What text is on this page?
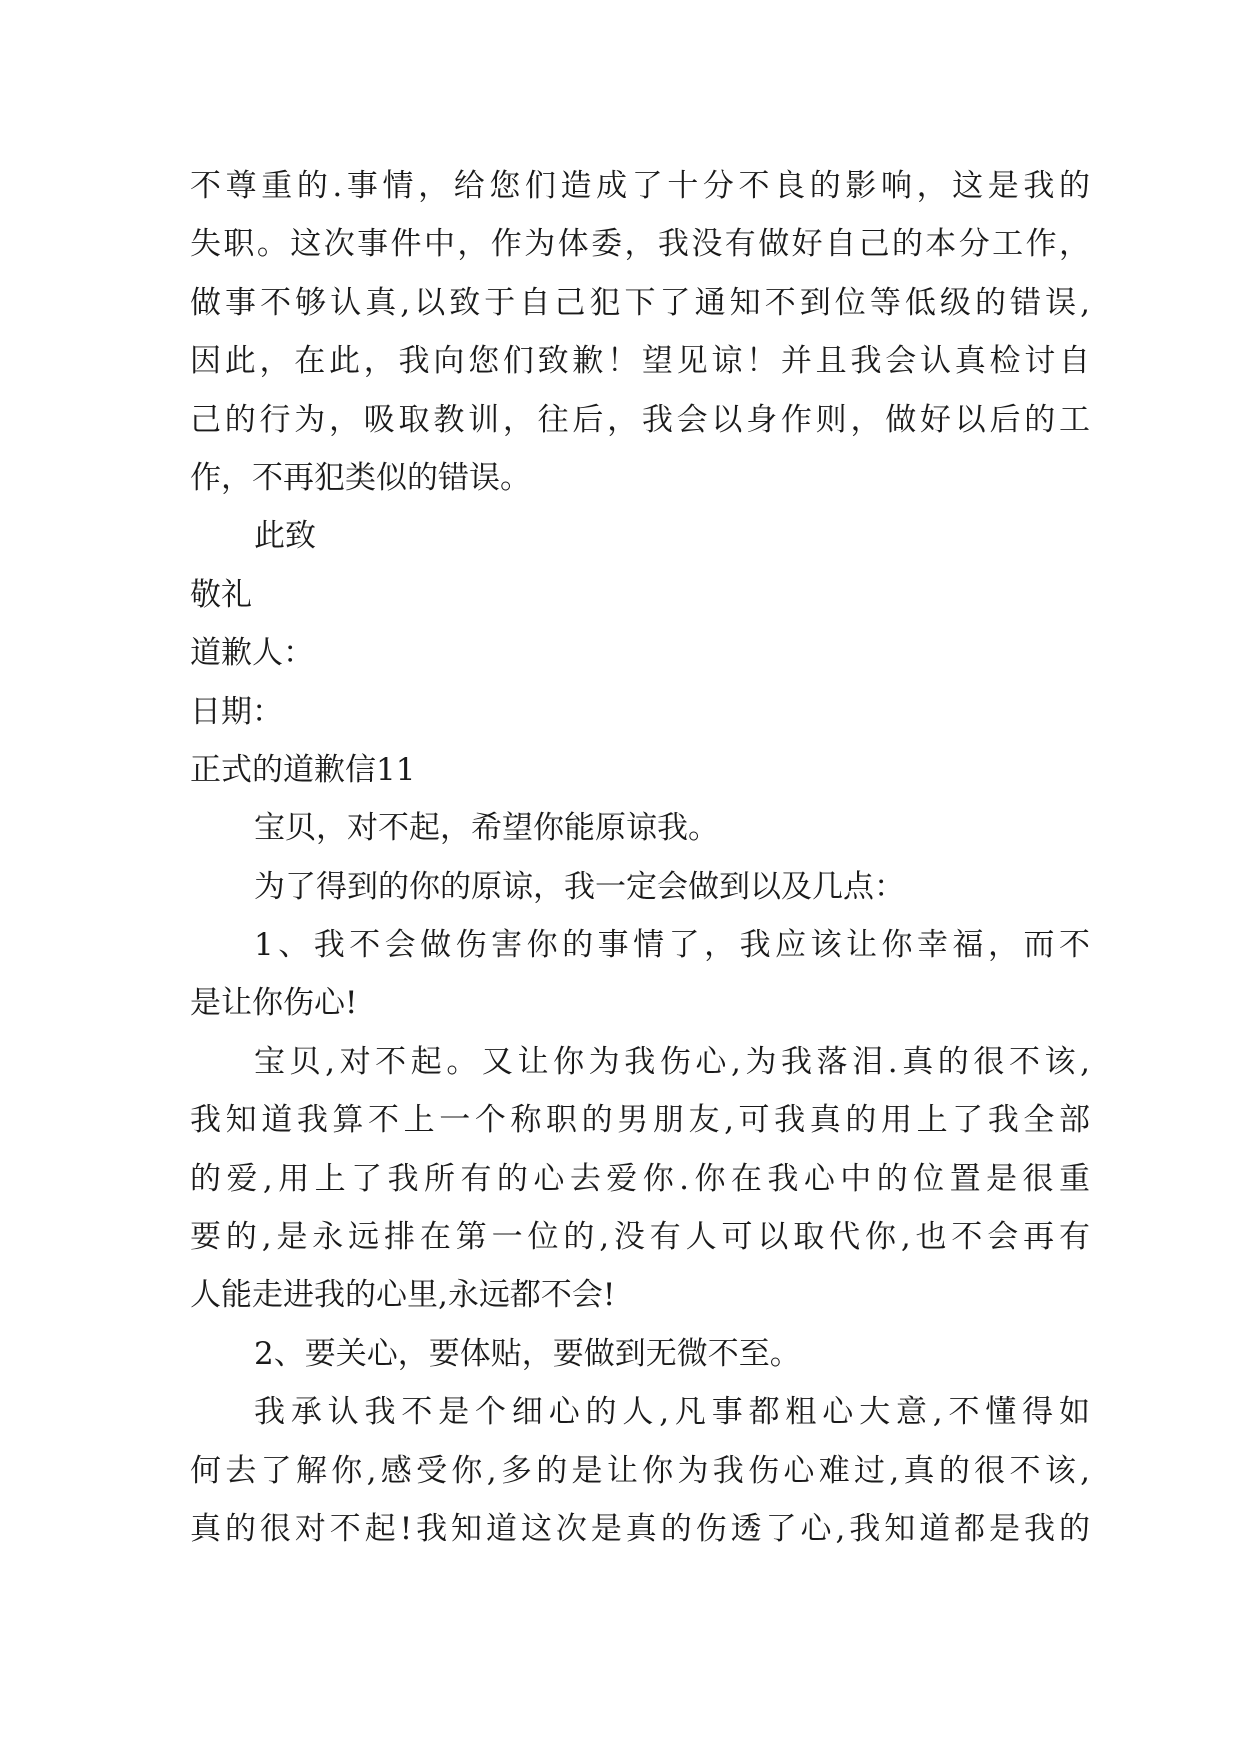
不尊重的.事情，给您们造成了十分不良的影响，这是我的
失职。这次事件中，作为体委，我没有做好自己的本分工作，
做事不够认真,以致于自己犯下了通知不到位等低级的错误,
因此，在此，我向您们致歉！望见谅！并且我会认真检讨自
己的行为，吸取教训，往后，我会以身作则，做好以后的工
作，不再犯类似的错误。
此致
敬礼
道歉人：
日期：
正式的道歉信11
宝贝，对不起，希望你能原谅我。
为了得到的你的原谅，我一定会做到以及几点：
1、我不会做伤害你的事情了，我应该让你幸福，而不
是让你伤心!
宝贝,对不起。又让你为我伤心,为我落泪.真的很不该,
我知道我算不上一个称职的男朋友,可我真的用上了我全部
的爱,用上了我所有的心去爱你.你在我心中的位置是很重
要的,是永远排在第一位的,没有人可以取代你,也不会再有
人能走进我的心里,永远都不会!
2、要关心，要体贴，要做到无微不至。
我承认我不是个细心的人,凡事都粗心大意,不懂得如
何去了解你,感受你,多的是让你为我伤心难过,真的很不该,
真的很对不起!我知道这次是真的伤透了心,我知道都是我的
